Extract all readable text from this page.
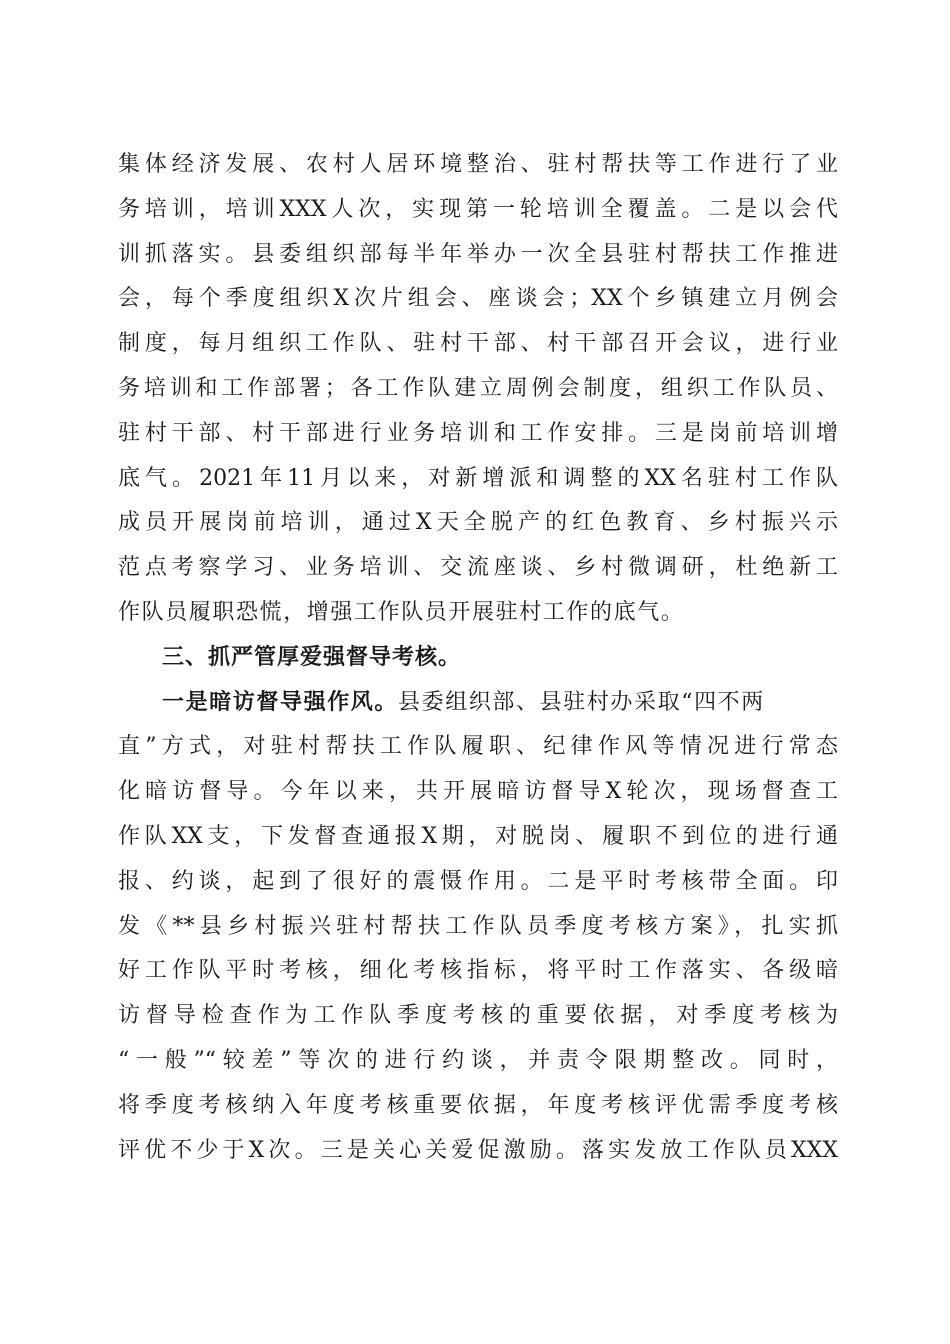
集体经济发展、农村人居环境整治、驻村帮扶等工作进行了业
务培训，培训XXX人次，实现第一轮培训全覆盖。二是以会代
训抓落实。县委组织部每半年举办一次全县驻村帮扶工作推进
会，每个季度组织X次片组会、座谈会；XX个乡镇建立月例会
制度，每月组织工作队、驻村干部、村干部召开会议，进行业
务培训和工作部署；各工作队建立周例会制度，组织工作队员、
驻村干部、村干部进行业务培训和工作安排。三是岗前培训增
底气。2021年11月以来，对新增派和调整的XX名驻村工作队
成员开展岗前培训，通过X天全脱产的红色教育、乡村振兴示
范点考察学习、业务培训、交流座谈、乡村微调研，杜绝新工
作队员履职恐慌，增强工作队员开展驻村工作的底气。
三、抓严管厚爱强督导考核。
一是暗访督导强作风。县委组织部、县驻村办采取“四不两
直”方式，对驻村帮扶工作队履职、纪律作风等情况进行常态
化暗访督导。今年以来，共开展暗访督导X轮次，现场督查工
作队XX支，下发督查通报X期，对脱岗、履职不到位的进行通
报、约谈，起到了很好的震慑作用。二是平时考核带全面。印
发《**县乡村振兴驻村帮扶工作队员季度考核方案》，扎实抓
好工作队平时考核，细化考核指标，将平时工作落实、各级暗
访督导检查作为工作队季度考核的重要依据，对季度考核为
“一般”“较差”等次的进行约谈，并责令限期整改。同时，
将季度考核纳入年度考核重要依据，年度考核评优需季度考核
评优不少于X次。三是关心关爱促激励。落实发放工作队员XXX
